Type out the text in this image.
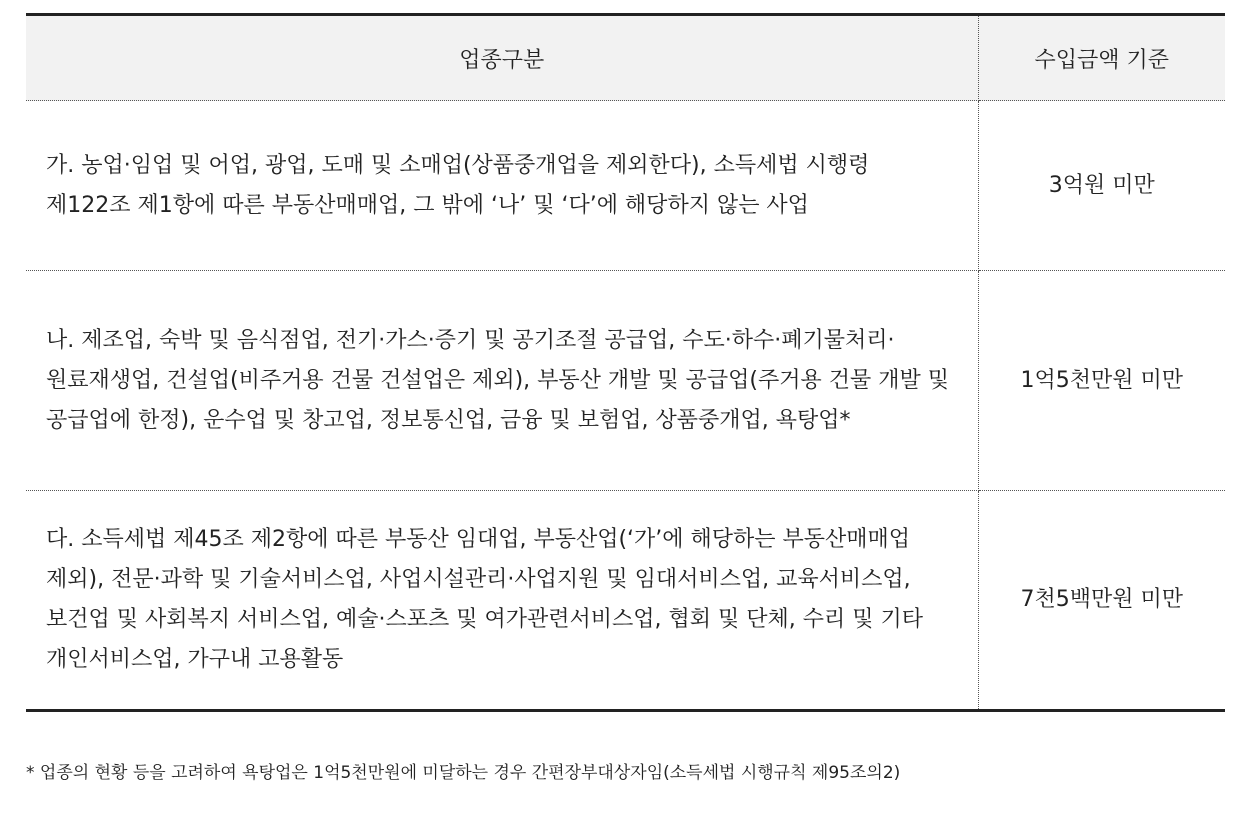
업종구분	수입금액 기준
가. 농업·임업 및 어업, 광업, 도매 및 소매업(상품중개업을 제외한다), 소득세법 시행령 제122조 제1항에 따른 부동산매매업, 그 밖에 ‘나’ 및 ‘다’에 해당하지 않는 사업	3억원 미만
나. 제조업, 숙박 및 음식점업, 전기·가스·증기 및 공기조절 공급업, 수도·하수·폐기물처리·원료재생업, 건설업(비주거용 건물 건설업은 제외), 부동산 개발 및 공급업(주거용 건물 개발 및 공급업에 한정), 운수업 및 창고업, 정보통신업, 금융 및 보험업, 상품중개업, 욕탕업*	1억5천만원 미만
다. 소득세법 제45조 제2항에 따른 부동산 임대업, 부동산업(‘가’에 해당하는 부동산매매업 제외), 전문·과학 및 기술서비스업, 사업시설관리·사업지원 및 임대서비스업, 교육서비스업, 보건업 및 사회복지 서비스업, 예술·스포츠 및 여가관련서비스업, 협회 및 단체, 수리 및 기타 개인서비스업, 가구내 고용활동	7천5백만원 미만
* 업종의 현황 등을 고려하여 욕탕업은 1억5천만원에 미달하는 경우 간편장부대상자임(소득세법 시행규칙 제95조의2)
